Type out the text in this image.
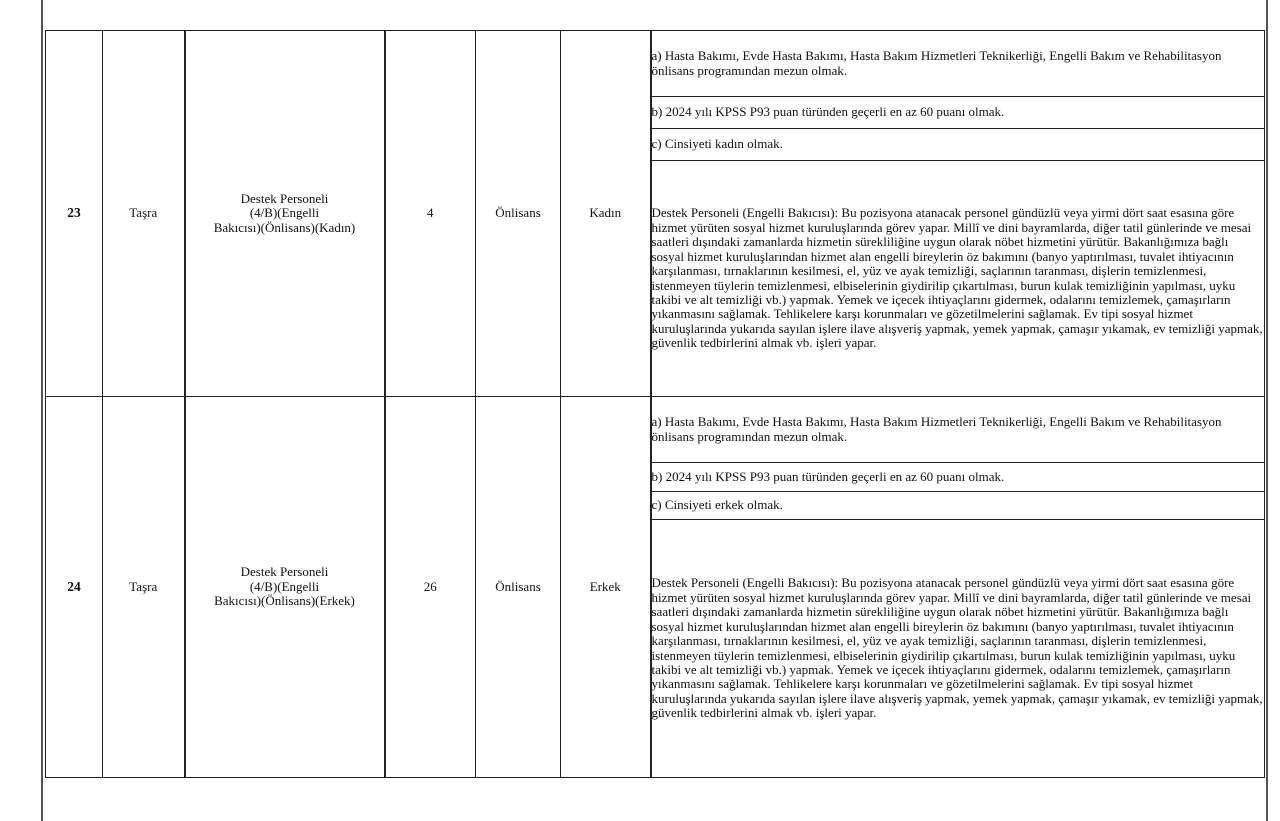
23	Taşra	Destek Personeli
(4/B)(Engelli
Bakıcısı)(Önlisans)(Kadın)	4	Önlisans	Kadın	a) Hasta Bakımı, Evde Hasta Bakımı, Hasta Bakım Hizmetleri Teknikerliği, Engelli Bakım ve Rehabilitasyon önlisans programından mezun olmak.
						b) 2024 yılı KPSS P93 puan türünden geçerli en az 60 puanı olmak.
						c) Cinsiyeti kadın olmak.
						Destek Personeli (Engelli Bakıcısı): Bu pozisyona atanacak personel gündüzlü veya yirmi dört saat esasına göre hizmet yürüten sosyal hizmet kuruluşlarında görev yapar. Millî ve dini bayramlarda, diğer tatil günlerinde ve mesai saatleri dışındaki zamanlarda hizmetin sürekliliğine uygun olarak nöbet hizmetini yürütür. Bakanlığımıza bağlı sosyal hizmet kuruluşlarından hizmet alan engelli bireylerin öz bakımını (banyo yaptırılması, tuvalet ihtiyacının karşılanması, tırnaklarının kesilmesi, el, yüz ve ayak temizliği, saçlarının taranması, dişlerin temizlenmesi, istenmeyen tüylerin temizlenmesi, elbiselerinin giydirilip çıkartılması, burun kulak temizliğinin yapılması, uyku takibi ve alt temizliği vb.) yapmak. Yemek ve içecek ihtiyaçlarını gidermek, odalarını temizlemek, çamaşırların yıkanmasını sağlamak. Tehlikelere karşı korunmaları ve gözetilmelerini sağlamak. Ev tipi sosyal hizmet kuruluşlarında yukarıda sayılan işlere ilave alışveriş yapmak, yemek yapmak, çamaşır yıkamak, ev temizliği yapmak, güvenlik tedbirlerini almak vb. işleri yapar.
24	Taşra	Destek Personeli
(4/B)(Engelli
Bakıcısı)(Önlisans)(Erkek)	26	Önlisans	Erkek	a) Hasta Bakımı, Evde Hasta Bakımı, Hasta Bakım Hizmetleri Teknikerliği, Engelli Bakım ve Rehabilitasyon önlisans programından mezun olmak.
						b) 2024 yılı KPSS P93 puan türünden geçerli en az 60 puanı olmak.
						c) Cinsiyeti erkek olmak.
						Destek Personeli (Engelli Bakıcısı): Bu pozisyona atanacak personel gündüzlü veya yirmi dört saat esasına göre hizmet yürüten sosyal hizmet kuruluşlarında görev yapar. Millî ve dini bayramlarda, diğer tatil günlerinde ve mesai saatleri dışındaki zamanlarda hizmetin sürekliliğine uygun olarak nöbet hizmetini yürütür. Bakanlığımıza bağlı sosyal hizmet kuruluşlarından hizmet alan engelli bireylerin öz bakımını (banyo yaptırılması, tuvalet ihtiyacının karşılanması, tırnaklarının kesilmesi, el, yüz ve ayak temizliği, saçlarının taranması, dişlerin temizlenmesi, istenmeyen tüylerin temizlenmesi, elbiselerinin giydirilip çıkartılması, burun kulak temizliğinin yapılması, uyku takibi ve alt temizliği vb.) yapmak. Yemek ve içecek ihtiyaçlarını gidermek, odalarını temizlemek, çamaşırların yıkanmasını sağlamak. Tehlikelere karşı korunmaları ve gözetilmelerini sağlamak. Ev tipi sosyal hizmet kuruluşlarında yukarıda sayılan işlere ilave alışveriş yapmak, yemek yapmak, çamaşır yıkamak, ev temizliği yapmak, güvenlik tedbirlerini almak vb. işleri yapar.
